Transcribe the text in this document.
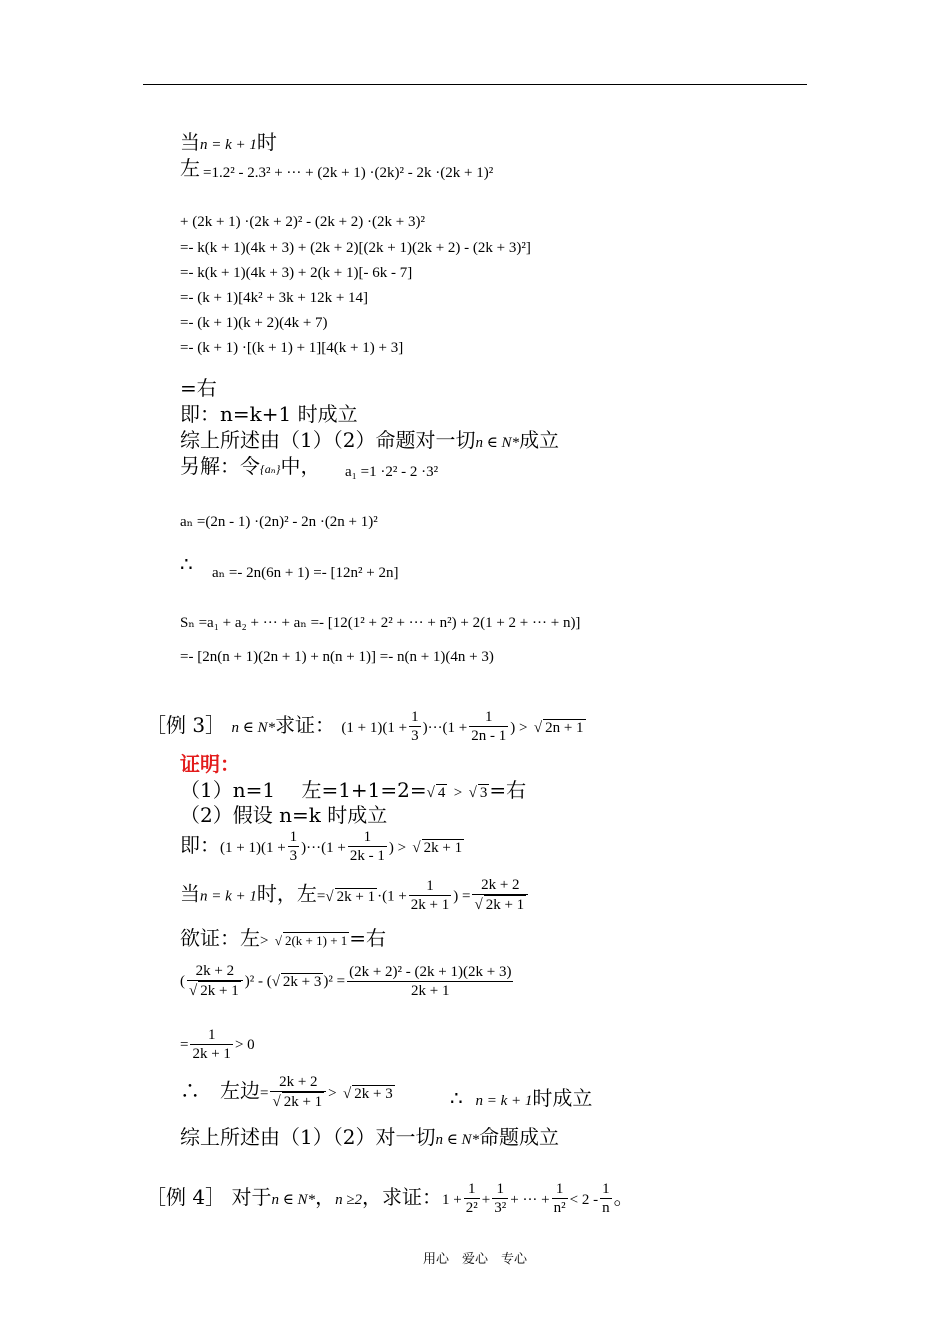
当n = k + 1时
左 =1.2² - 2.3² + ··· + (2k + 1) ·(2k)² - 2k ·(2k + 1)²
+ (2k + 1) ·(2k + 2)² - (2k + 2) ·(2k + 3)²
=- k(k + 1)(4k + 3) + (2k + 2)[(2k + 1)(2k + 2) - (2k + 3)²]
=- k(k + 1)(4k + 3) + 2(k + 1)[- 6k - 7]
=- (k + 1)[4k² + 3k + 12k + 14]
=- (k + 1)(k + 2)(4k + 7)
=- (k + 1) ·[(k + 1) + 1][4(k + 1) + 3]
=右
即：n=k+1 时成立
综上所述由（1）（2）命题对一切n ∈ N*成立
另解：令{aₙ}中， a₁ =1 ·2² - 2 ·3²
aₙ =(2n - 1) ·(2n)² - 2n ·(2n + 1)²
∴ aₙ =- 2n(6n + 1) =- [12n² + 2n]
Sₙ =a₁ + a₂ + ··· + aₙ =- [12(1² + 2² + ··· + n²) + 2(1 + 2 + ··· + n)]
=- [2n(n + 1)(2n + 1) + n(n + 1)] =- n(n + 1)(4n + 3)
［例 3］ n ∈ N*求证： $(1 + 1)(1 + \frac{1}{3} )\cdot\cdot\cdot(1 + \frac{1}{2n - 1}$ ) > √ 2n + 1
证明：
（1）n=1　 左=1+1=2=√ 4 > √ 3 =右
（2）假设 n=k 时成立
即：$(1 + 1)(1 + \frac{1}{3} )\cdot\cdot\cdot(1 + \frac{1}{2k - 1}$ ) > √ 2k + 1
当n = k + 1时，左=√ $2k + 1 \cdot(1 + \frac{1}{2k + 1}$ ) = $\frac{2k + 2}{√ 2k + 1}$
欲证：左> √ 2(k + 1) + 1 =右
( $\frac{2k + 2}{√ 2k + 1} )^2$ - (√ 2k + 3 )$^2 = \frac{\text{(2k + 2)² - (2k + 1)(2k + 3)}}{2k + 1}$
= $\frac{1}{2k + 1} > 0$
∴　左边= $\frac{2k + 2}{√ 2k + 1}$ > √ 2k + 3	∴ n = k + 1时成立
综上所述由（1）（2）对一切n ∈ N*命题成立
［例 4］ 对于n ∈ N*，n ≥2，求证：$1 + \frac{1}{\text{2²}} + \frac{1}{\text{3²}}$ + ··· + $\frac{1}{\text{n²}} < 2 - \frac{1}{n}$ 。
用心　爱心　专心
